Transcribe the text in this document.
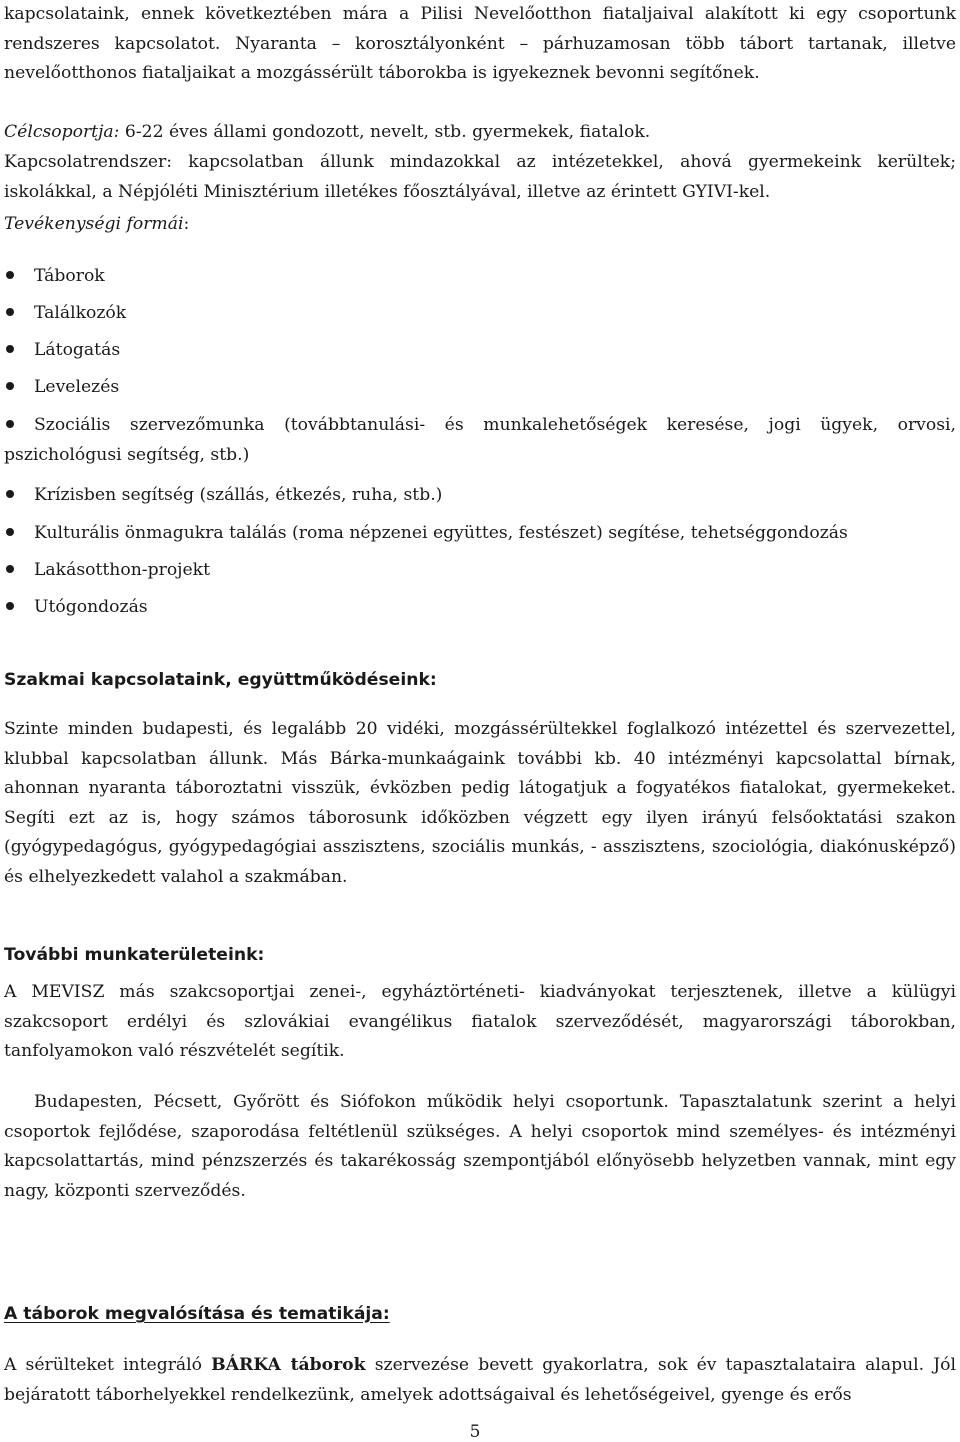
kapcsolataink, ennek következtében mára a Pilisi Nevelőotthon fiataljaival alakított ki egy csoportunk rendszeres kapcsolatot. Nyaranta – korosztályonként – párhuzamosan több tábort tartanak, illetve nevelőotthonos fiataljaikat a mozgássérült táborokba is igyekeznek bevonni segítőnek.

Célcsoportja: 6-22 éves állami gondozott, nevelt, stb. gyermekek, fiatalok.

Kapcsolatrendszer: kapcsolatban állunk mindazokkal az intézetekkel, ahová gyermekeink kerültek; iskolákkal, a Népjóléti Minisztérium illetékes főosztályával, illetve az érintett GYIVI-kel.

Tevékenységi formái:

Táborok
Találkozók
Látogatás
Levelezés
Szociális szervezőmunka (továbbtanulási- és munkalehetőségek keresése, jogi ügyek, orvosi, pszichológusi segítség, stb.)
Krízisben segítség (szállás, étkezés, ruha, stb.)
Kulturális önmagukra találás (roma népzenei együttes, festészet) segítése, tehetséggondozás
Lakásotthon-projekt
Utógondozás
Szakmai kapcsolataink, együttműködéseink:

Szinte minden budapesti, és legalább 20 vidéki, mozgássérültekkel foglalkozó intézettel és szervezettel, klubbal kapcsolatban állunk. Más Bárka-munkaágaink további kb. 40 intézményi kapcsolattal bírnak, ahonnan nyaranta táboroztatni visszük, évközben pedig látogatjuk a fogyatékos fiatalokat, gyermekeket. Segíti ezt az is, hogy számos táborosunk időközben végzett egy ilyen irányú felsőoktatási szakon (gyógypedagógus, gyógypedagógiai asszisztens, szociális munkás, - asszisztens, szociológia, diakónusképző) és elhelyezkedett valahol a szakmában.

További munkaterületeink:

A MEVISZ más szakcsoportjai zenei-, egyháztörténeti- kiadványokat terjesztenek, illetve a külügyi szakcsoport erdélyi és szlovákiai evangélikus fiatalok szerveződését, magyarországi táborokban, tanfolyamokon való részvételét segítik.

Budapesten, Pécsett, Győrött és Siófokon működik helyi csoportunk. Tapasztalatunk szerint a helyi csoportok fejlődése, szaporodása feltétlenül szükséges. A helyi csoportok mind személyes- és intézményi kapcsolattartás, mind pénzszerzés és takarékosság szempontjából előnyösebb helyzetben vannak, mint egy nagy, központi szerveződés.

A táborok megvalósítása és tematikája:

A sérülteket integráló BÁRKA táborok szervezése bevett gyakorlatra, sok év tapasztalataira alapul. Jól bejáratott táborhelyekkel rendelkezünk, amelyek adottságaival és lehetőségeivel, gyenge és erős

5
